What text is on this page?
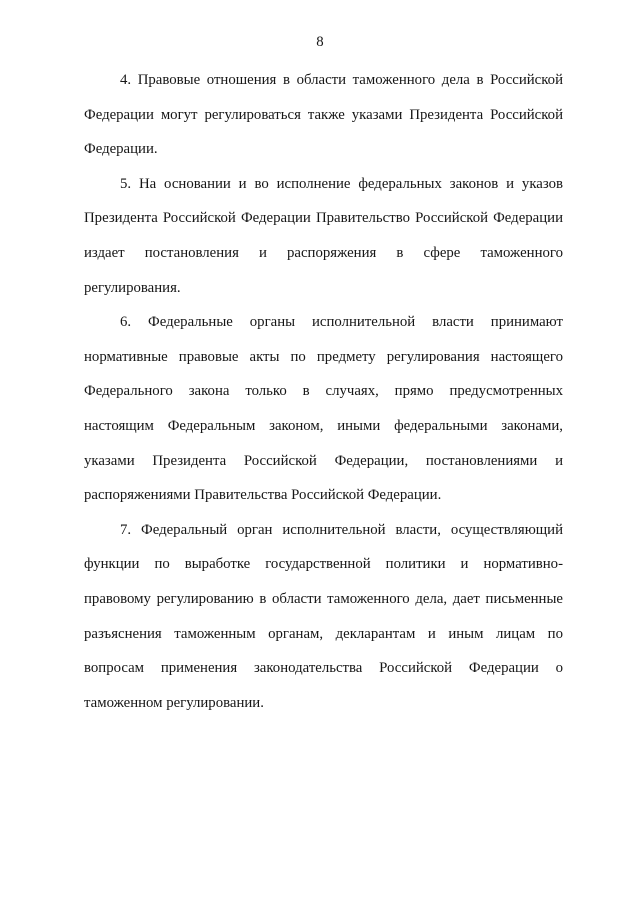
8
4. Правовые отношения в области таможенного дела в Российской
Федерации могут регулироваться также указами Президента Российской
Федерации.
5. На основании и во исполнение федеральных законов и указов
Президента Российской Федерации Правительство Российской Федерации
издает постановления и распоряжения в сфере таможенного
регулирования.
6. Федеральные органы исполнительной власти принимают
нормативные правовые акты по предмету регулирования настоящего
Федерального закона только в случаях, прямо предусмотренных
настоящим Федеральным законом, иными федеральными законами,
указами Президента Российской Федерации, постановлениями и
распоряжениями Правительства Российской Федерации.
7. Федеральный орган исполнительной власти, осуществляющий
функции по выработке государственной политики и нормативно-
правовому регулированию в области таможенного дела, дает письменные
разъяснения таможенным органам, декларантам и иным лицам по
вопросам применения законодательства Российской Федерации о
таможенном регулировании.
